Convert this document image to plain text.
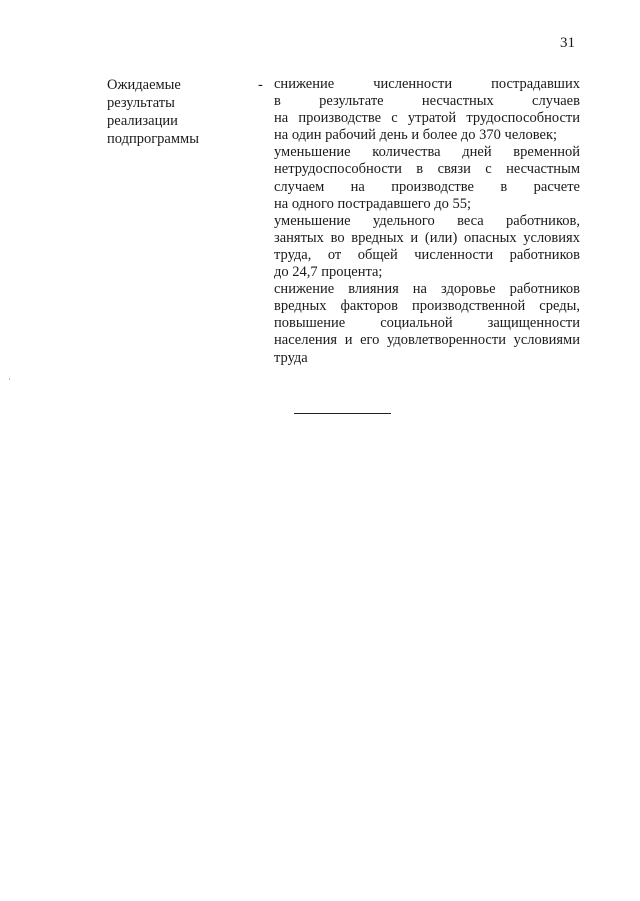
31
Ожидаемые
результаты
реализации
подпрограммы
- снижение	численности	пострадавших
в	результате	несчастных	случаев
на производстве с утратой трудоспособности
на один рабочий день и более до 370 человек;
уменьшение количества дней временной
нетрудоспособности в связи с несчастным
случаем на производстве в расчете
на одного пострадавшего до 55;
уменьшение удельного веса работников,
занятых во вредных и (или) опасных условиях
труда, от общей численности работников
до 24,7 процента;
снижение влияния на здоровье работников
вредных факторов производственной среды,
повышение социальной защищенности
населения и его удовлетворенности условиями
труда
